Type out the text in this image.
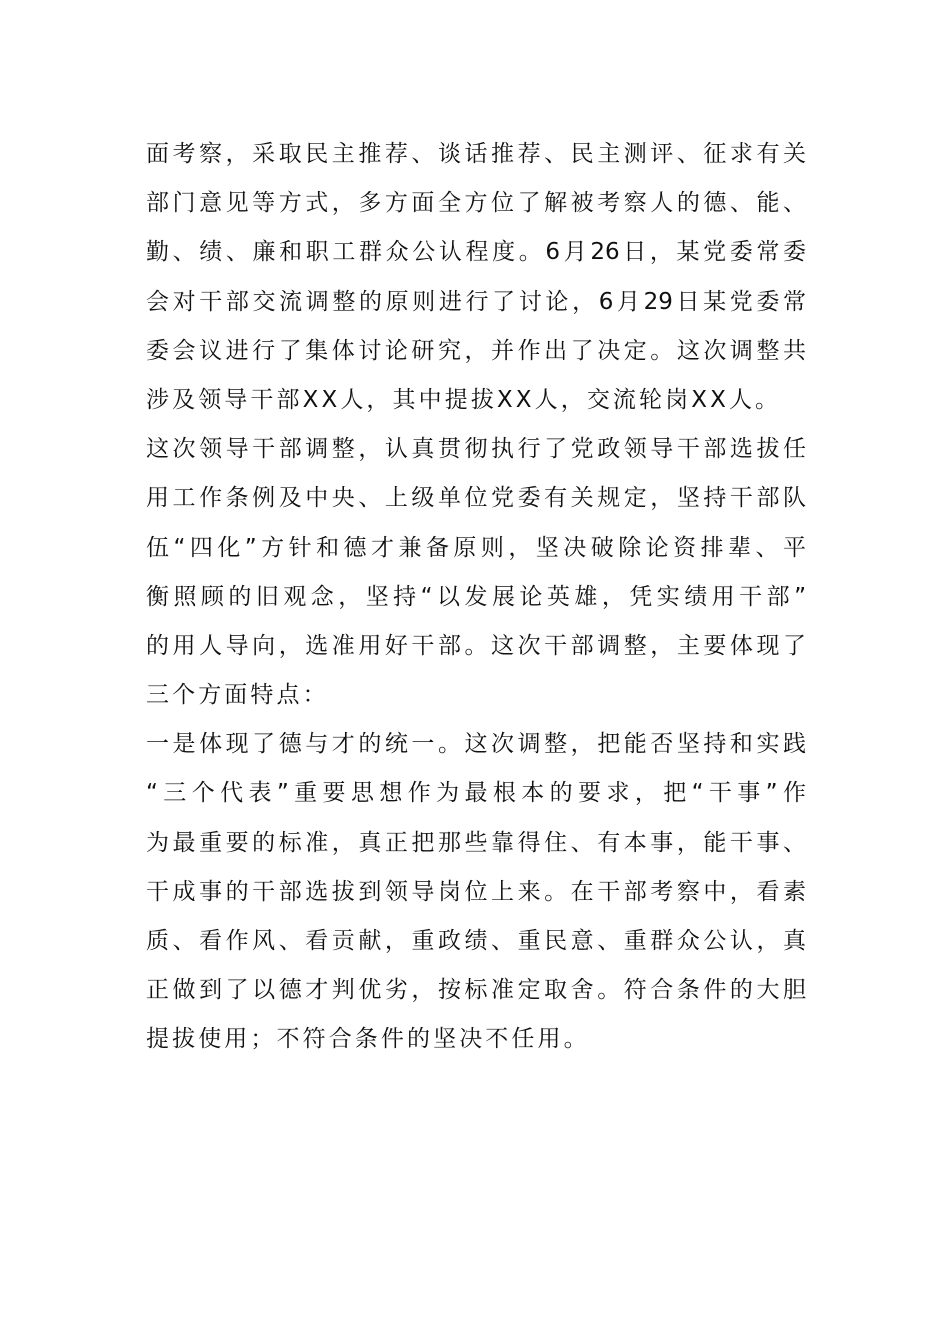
面考察，采取民主推荐、谈话推荐、民主测评、征求有关
部门意见等方式，多方面全方位了解被考察人的德、能、
勤、绩、廉和职工群众公认程度。6月26日，某党委常委
会对干部交流调整的原则进行了讨论，6月29日某党委常
委会议进行了集体讨论研究，并作出了决定。这次调整共
涉及领导干部XX人，其中提拔XX人，交流轮岗XX人。
这次领导干部调整，认真贯彻执行了党政领导干部选拔任
用工作条例及中央、上级单位党委有关规定，坚持干部队
伍“四化”方针和德才兼备原则，坚决破除论资排辈、平
衡照顾的旧观念，坚持“以发展论英雄，凭实绩用干部”
的用人导向，选准用好干部。这次干部调整，主要体现了
三个方面特点：
一是体现了德与才的统一。这次调整，把能否坚持和实践
“三个代表”重要思想作为最根本的要求，把“干事”作
为最重要的标准，真正把那些靠得住、有本事，能干事、
干成事的干部选拔到领导岗位上来。在干部考察中，看素
质、看作风、看贡献，重政绩、重民意、重群众公认，真
正做到了以德才判优劣，按标准定取舍。符合条件的大胆
提拔使用；不符合条件的坚决不任用。
